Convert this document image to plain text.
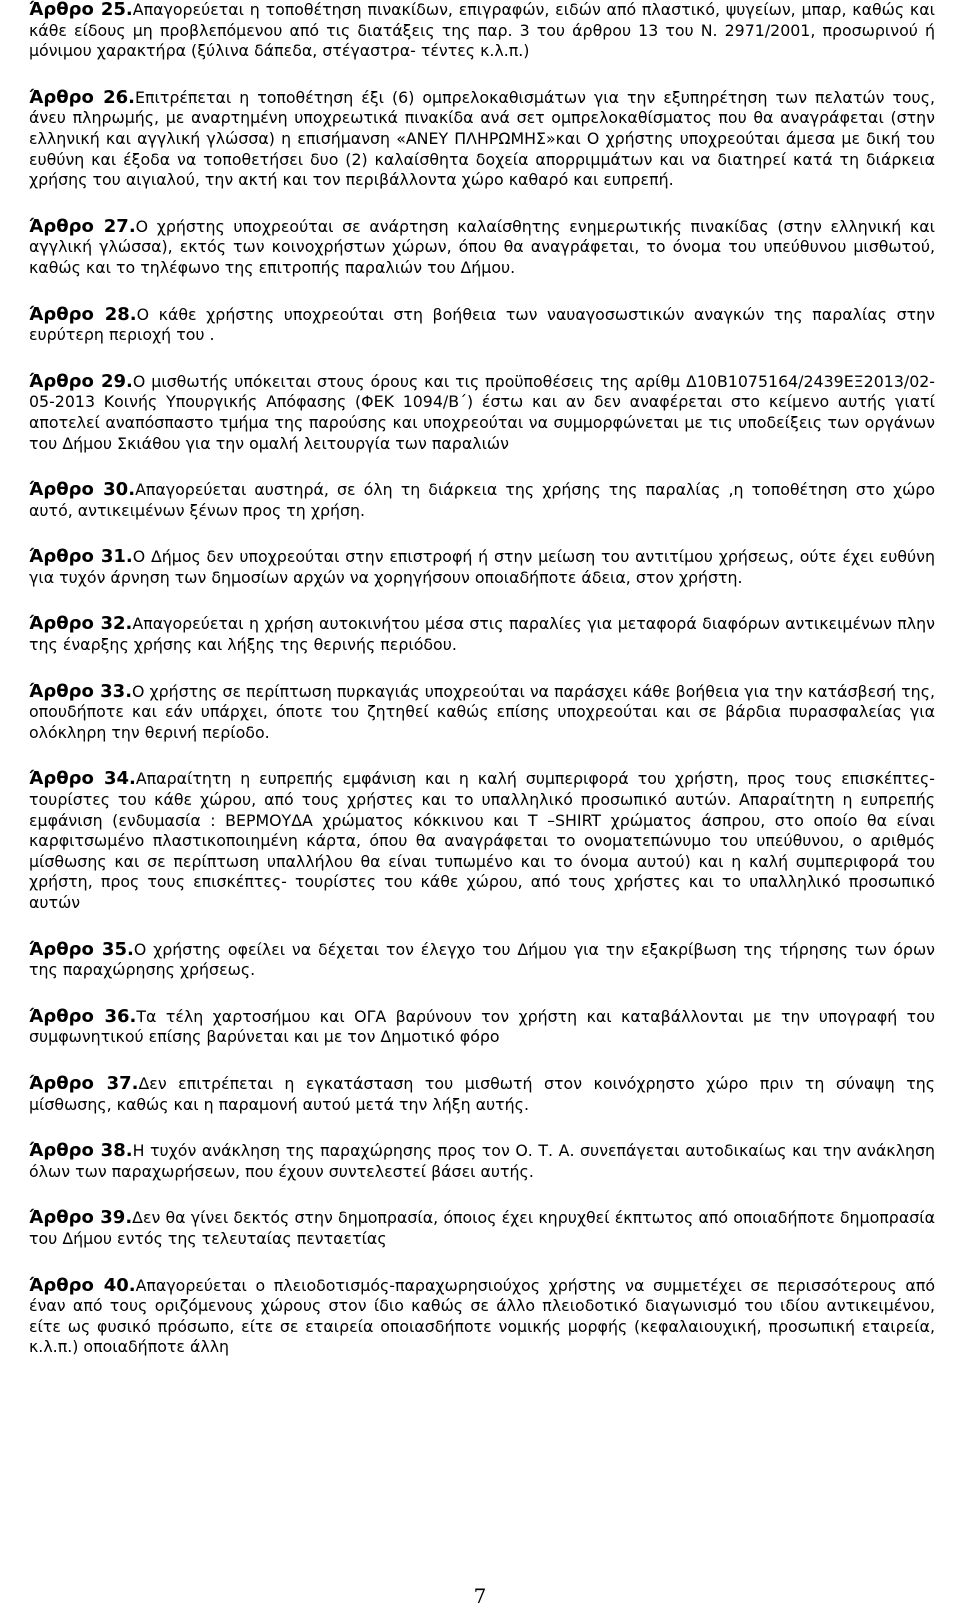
Άρθρο 25.Απαγορεύεται η τοποθέτηση πινακίδων, επιγραφών, ειδών από πλαστικό, ψυγείων, μπαρ, καθώς και κάθε είδους μη προβλεπόμενου από τις διατάξεις της παρ. 3 του άρθρου 13 του Ν. 2971/2001, προσωρινού ή μόνιμου χαρακτήρα (ξύλινα δάπεδα, στέγαστρα- τέντες κ.λ.π.)
Άρθρο 26.Επιτρέπεται η τοποθέτηση έξι (6) ομπρελοκαθισμάτων για την εξυπηρέτηση των πελατών τους, άνευ πληρωμής, με αναρτημένη υποχρεωτικά πινακίδα ανά σετ ομπρελοκαθίσματος που θα αναγράφεται (στην ελληνική και αγγλική γλώσσα) η επισήμανση «ΑΝΕΥ ΠΛΗΡΩΜΗΣ»και Ο χρήστης υποχρεούται άμεσα με δική του ευθύνη και έξοδα να τοποθετήσει δυο (2) καλαίσθητα δοχεία απορριμμάτων και να διατηρεί κατά τη διάρκεια χρήσης του αιγιαλού, την ακτή και τον περιβάλλοντα χώρο καθαρό και ευπρεπή.
Άρθρο 27.Ο χρήστης υποχρεούται σε ανάρτηση καλαίσθητης ενημερωτικής πινακίδας (στην ελληνική και αγγλική γλώσσα), εκτός των κοινοχρήστων χώρων, όπου θα αναγράφεται, το όνομα του υπεύθυνου μισθωτού, καθώς και το τηλέφωνο της επιτροπής παραλιών του Δήμου.
Άρθρο 28.Ο κάθε χρήστης υποχρεούται στη βοήθεια των ναυαγοσωστικών αναγκών της παραλίας στην ευρύτερη περιοχή του .
Άρθρο 29.Ο μισθωτής υπόκειται στους όρους και τις προϋποθέσεις της αρίθμ Δ10Β1075164/2439ΕΞ2013/02-05-2013 Κοινής Υπουργικής Απόφασης (ΦΕΚ 1094/Β΄) έστω και αν δεν αναφέρεται στο κείμενο αυτής γιατί αποτελεί αναπόσπαστο τμήμα της παρούσης και υποχρεούται να συμμορφώνεται με τις υποδείξεις των οργάνων του Δήμου Σκιάθου για την ομαλή λειτουργία των παραλιών
Άρθρο 30.Απαγορεύεται αυστηρά, σε όλη τη διάρκεια της χρήσης της παραλίας ,η τοποθέτηση στο χώρο αυτό, αντικειμένων ξένων προς τη χρήση.
Άρθρο 31.Ο Δήμος δεν υποχρεούται στην επιστροφή ή στην μείωση του αντιτίμου χρήσεως, ούτε έχει ευθύνη για τυχόν άρνηση των δημοσίων αρχών να χορηγήσουν οποιαδήποτε άδεια, στον χρήστη.
Άρθρο 32.Απαγορεύεται η χρήση αυτοκινήτου μέσα στις παραλίες για μεταφορά διαφόρων αντικειμένων πλην της έναρξης χρήσης και λήξης της θερινής περιόδου.
Άρθρο 33.Ο χρήστης σε περίπτωση πυρκαγιάς υποχρεούται να παράσχει κάθε βοήθεια για την κατάσβεσή της, οπουδήποτε και εάν υπάρχει, όποτε του ζητηθεί καθώς επίσης υποχρεούται και σε βάρδια πυρασφαλείας για ολόκληρη την θερινή περίοδο.
Άρθρο 34.Απαραίτητη η ευπρεπής εμφάνιση και η καλή συμπεριφορά του χρήστη, προς τους επισκέπτες-τουρίστες του κάθε χώρου, από τους χρήστες και το υπαλληλικό προσωπικό αυτών. Απαραίτητη η ευπρεπής εμφάνιση (ενδυμασία : ΒΕΡΜΟΥΔΑ χρώματος κόκκινου και Τ –SHIRT χρώματος άσπρου, στο οποίο θα είναι καρφιτσωμένο πλαστικοποιημένη κάρτα, όπου θα αναγράφεται το ονοματεπώνυμο του υπεύθυνου, ο αριθμός μίσθωσης και σε περίπτωση υπαλλήλου θα είναι τυπωμένο και το όνομα αυτού) και η καλή συμπεριφορά του χρήστη, προς τους επισκέπτες- τουρίστες του κάθε χώρου, από τους χρήστες και το υπαλληλικό προσωπικό αυτών
Άρθρο 35.Ο χρήστης οφείλει να δέχεται τον έλεγχο του Δήμου για την εξακρίβωση της τήρησης των όρων της παραχώρησης χρήσεως.
Άρθρο 36.Τα τέλη χαρτοσήμου και ΟΓΑ βαρύνουν τον χρήστη και καταβάλλονται με την υπογραφή του συμφωνητικού επίσης βαρύνεται και με τον Δημοτικό φόρο
Άρθρο 37.Δεν επιτρέπεται η εγκατάσταση του μισθωτή στον κοινόχρηστο χώρο πριν τη σύναψη της μίσθωσης, καθώς και η παραμονή αυτού μετά την λήξη αυτής.
Άρθρο 38.Η τυχόν ανάκληση της παραχώρησης προς τον Ο. Τ. Α. συνεπάγεται αυτοδικαίως και την ανάκληση όλων των παραχωρήσεων, που έχουν συντελεστεί βάσει αυτής.
Άρθρο 39.Δεν θα γίνει δεκτός στην δημοπρασία, όποιος έχει κηρυχθεί έκπτωτος από οποιαδήποτε δημοπρασία του Δήμου εντός της τελευταίας πενταετίας
Άρθρο 40.Απαγορεύεται ο πλειοδοτισμός-παραχωρησιούχος χρήστης να συμμετέχει σε περισσότερους από έναν από τους οριζόμενους χώρους στον ίδιο καθώς σε άλλο πλειοδοτικό διαγωνισμό του ιδίου αντικειμένου, είτε ως φυσικό πρόσωπο, είτε σε εταιρεία οποιασδήποτε νομικής μορφής (κεφαλαιουχική, προσωπική εταιρεία, κ.λ.π.) οποιαδήποτε άλλη
7
